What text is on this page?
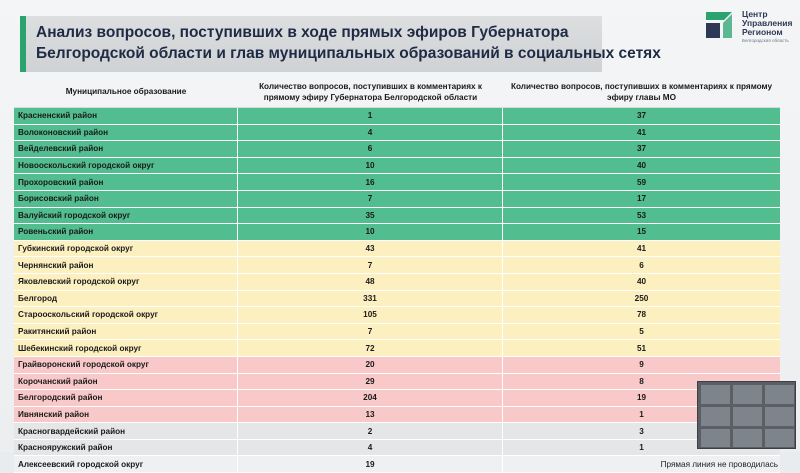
Анализ вопросов, поступивших в ходе прямых эфиров Губернатора
Белгородской области и глав муниципальных образований в социальных сетях
Центр
Управления
Регионом
Белгородская область
Муниципальное образование
Количество вопросов, поступивших в комментариях к прямому эфиру Губернатора Белгородской области
Количество вопросов, поступивших в комментариях к прямому эфиру главы МО
Красненский район	1	37
Волоконовский район	4	41
Вейделевский район	6	37
Новооскольский городской округ	10	40
Прохоровский район	16	59
Борисовский район	7	17
Валуйский городской округ	35	53
Ровеньский район	10	15
Губкинский городской округ	43	41
Чернянский район	7	6
Яковлевский городской округ	48	40
Белгород	331	250
Старооскольский городской округ	105	78
Ракитянский район	7	5
Шебекинский городской округ	72	51
Грайворонский городской округ	20	9
Корочанский район	29	8
Белгородский район	204	19
Ивнянский район	13	1
Красногвардейский район	2	3
Краснояружский район	4	1
Алексеевский городской округ	19	Прямая линия не проводилась
